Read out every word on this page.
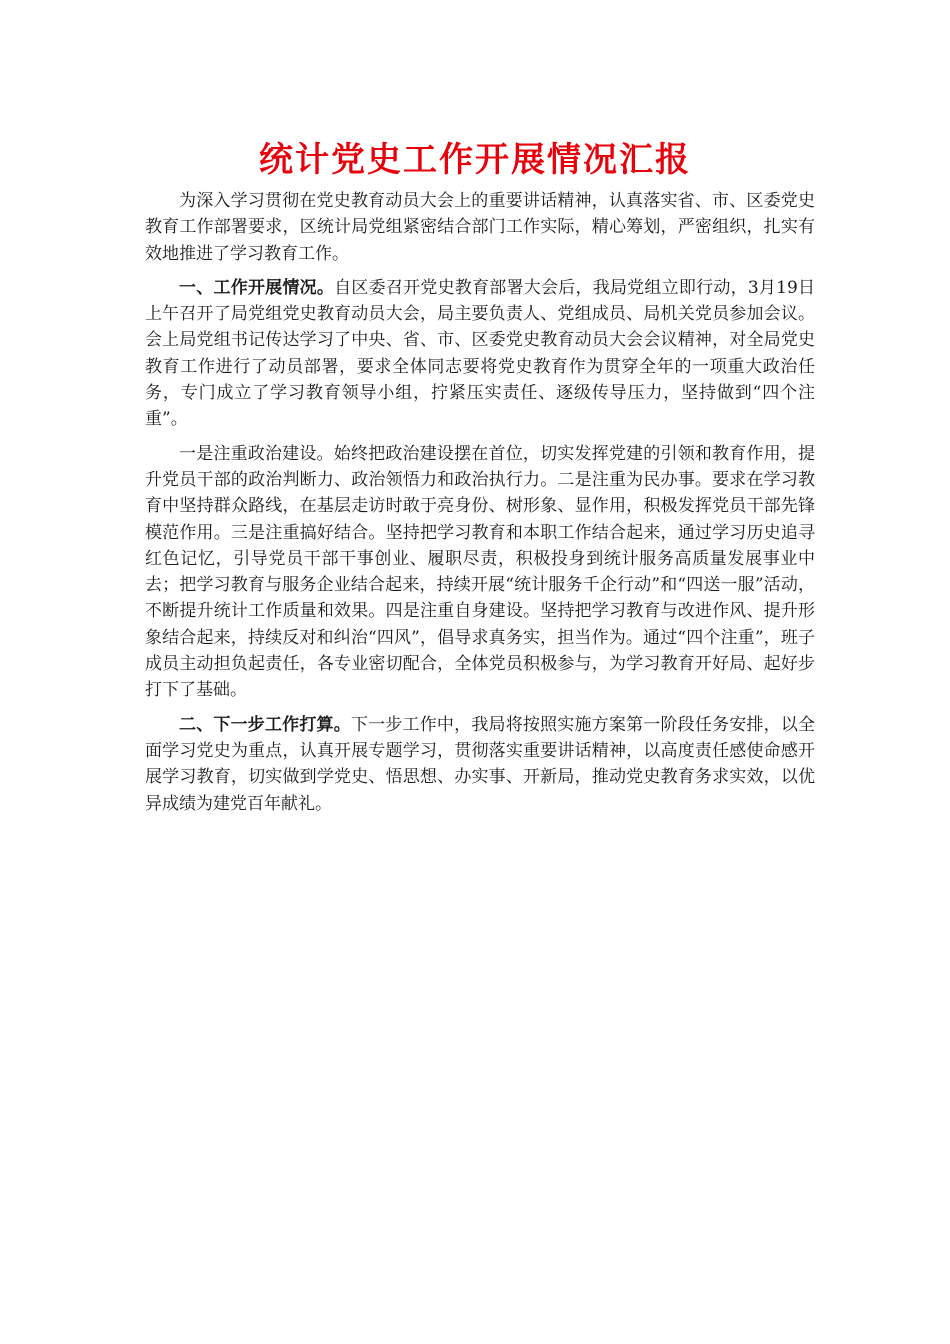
统计党史工作开展情况汇报

为深入学习贯彻在党史教育动员大会上的重要讲话精神，认真落实省、市、区委党史教育工作部署要求，区统计局党组紧密结合部门工作实际，精心筹划，严密组织，扎实有效地推进了学习教育工作。

一、工作开展情况。自区委召开党史教育部署大会后，我局党组立即行动，3月19日上午召开了局党组党史教育动员大会，局主要负责人、党组成员、局机关党员参加会议。会上局党组书记传达学习了中央、省、市、区委党史教育动员大会会议精神，对全局党史教育工作进行了动员部署，要求全体同志要将党史教育作为贯穿全年的一项重大政治任务，专门成立了学习教育领导小组，拧紧压实责任、逐级传导压力，坚持做到“四个注重”。

一是注重政治建设。始终把政治建设摆在首位，切实发挥党建的引领和教育作用，提升党员干部的政治判断力、政治领悟力和政治执行力。二是注重为民办事。要求在学习教育中坚持群众路线，在基层走访时敢于亮身份、树形象、显作用，积极发挥党员干部先锋模范作用。三是注重搞好结合。坚持把学习教育和本职工作结合起来，通过学习历史追寻红色记忆，引导党员干部干事创业、履职尽责，积极投身到统计服务高质量发展事业中去；把学习教育与服务企业结合起来，持续开展“统计服务千企行动”和“四送一服”活动，不断提升统计工作质量和效果。四是注重自身建设。坚持把学习教育与改进作风、提升形象结合起来，持续反对和纠治“四风”，倡导求真务实，担当作为。通过“四个注重”，班子成员主动担负起责任，各专业密切配合，全体党员积极参与，为学习教育开好局、起好步打下了基础。

二、下一步工作打算。下一步工作中，我局将按照实施方案第一阶段任务安排，以全面学习党史为重点，认真开展专题学习，贯彻落实重要讲话精神，以高度责任感使命感开展学习教育，切实做到学党史、悟思想、办实事、开新局，推动党史教育务求实效，以优异成绩为建党百年献礼。
